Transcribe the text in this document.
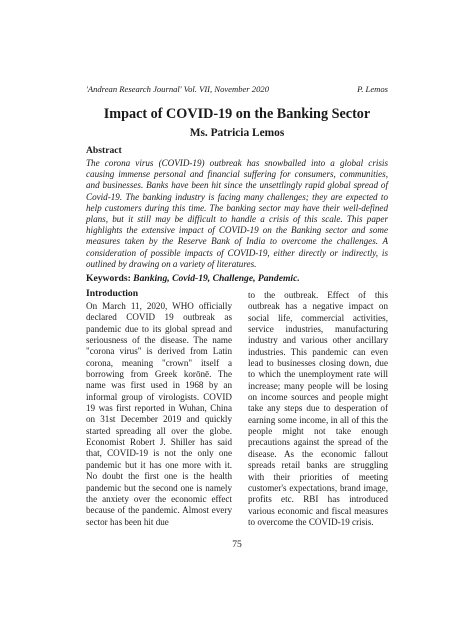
'Andrean Research Journal' Vol. VII, November 2020	P. Lemos
Impact of COVID-19 on the Banking Sector
Ms. Patricia Lemos
Abstract

The corona virus (COVID-19) outbreak has snowballed into a global crisis causing immense personal and financial suffering for consumers, communities, and businesses. Banks have been hit since the unsettlingly rapid global spread of Covid-19. The banking industry is facing many challenges; they are expected to help customers during this time. The banking sector may have their well-defined plans, but it still may be difficult to handle a crisis of this scale. This paper highlights the extensive impact of COVID-19 on the Banking sector and some measures taken by the Reserve Bank of India to overcome the challenges. A consideration of possible impacts of COVID-19, either directly or indirectly, is outlined by drawing on a variety of literatures.

Keywords: Banking, Covid-19, Challenge, Pandemic.
Introduction

On March 11, 2020, WHO officially declared COVID 19 outbreak as pandemic due to its global spread and seriousness of the disease. The name "corona virus" is derived from Latin corona, meaning "crown" itself a borrowing from Greek korōnē. The name was first used in 1968 by an informal group of virologists. COVID 19 was first reported in Wuhan, China on 31st December 2019 and quickly started spreading all over the globe. Economist Robert J. Shiller has said that, COVID-19 is not the only one pandemic but it has one more with it. No doubt the first one is the health pandemic but the second one is namely the anxiety over the economic effect because of the pandemic. Almost every sector has been hit due

to the outbreak. Effect of this outbreak has a negative impact on social life, commercial activities, service industries, manufacturing industry and various other ancillary industries. This pandemic can even lead to businesses closing down, due to which the unemployment rate will increase; many people will be losing on income sources and people might take any steps due to desperation of earning some income, in all of this the people might not take enough precautions against the spread of the disease. As the economic fallout spreads retail banks are struggling with their priorities of meeting customer's expectations, brand image, profits etc. RBI has introduced various economic and fiscal measures to overcome the COVID-19 crisis.

75
